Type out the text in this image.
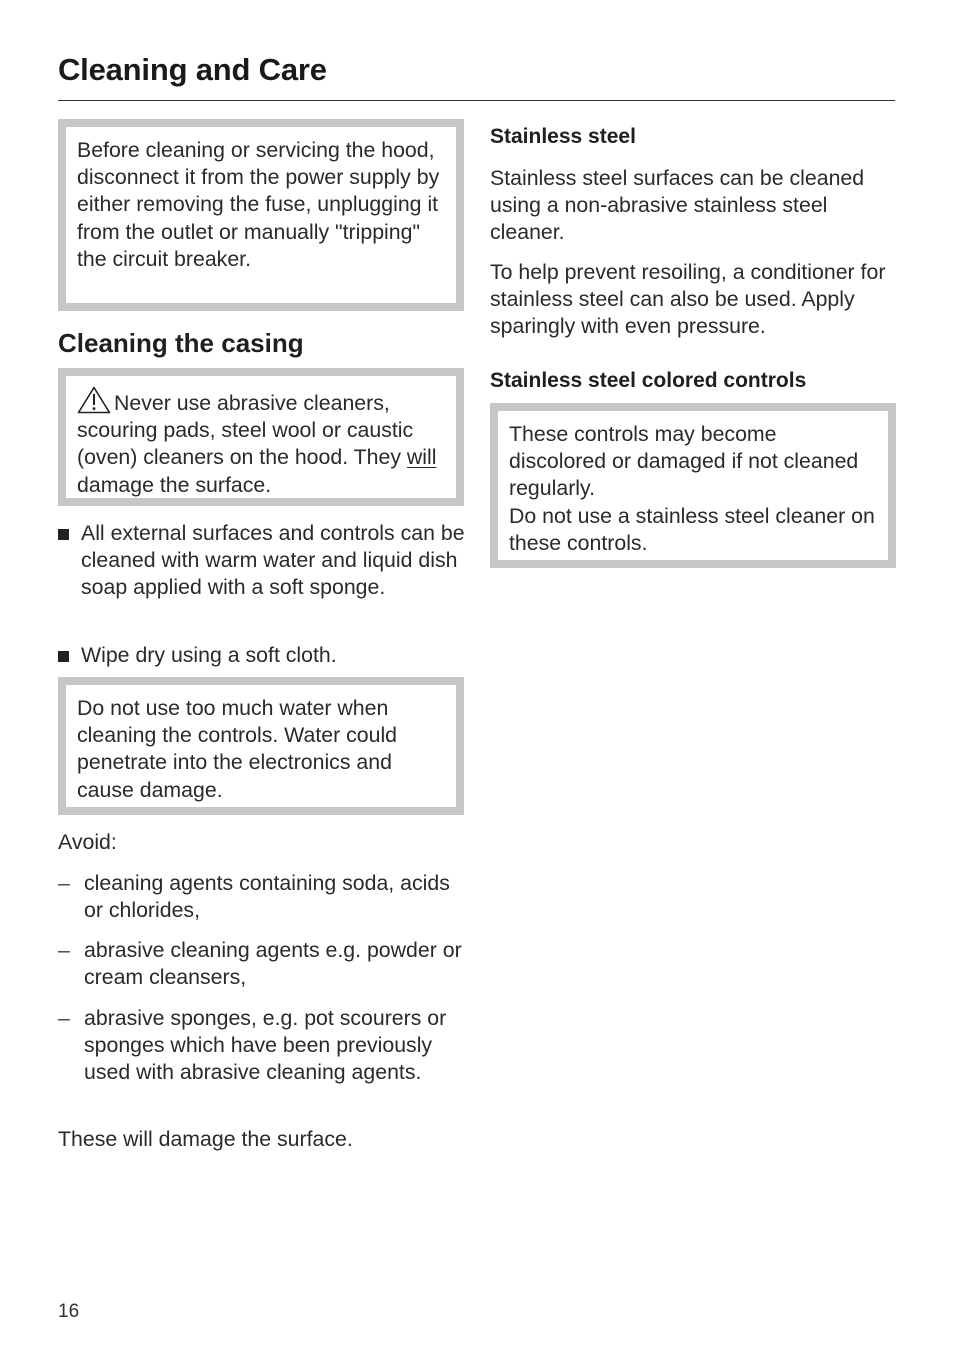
Cleaning and Care

Before cleaning or servicing the hood, disconnect it from the power supply by either removing the fuse, unplugging it from the outlet or manually "tripping" the circuit breaker.

Cleaning the casing

Never use abrasive cleaners, scouring pads, steel wool or caustic (oven) cleaners on the hood. They will damage the surface.

All external surfaces and controls can be cleaned with warm water and liquid dish soap applied with a soft sponge.
Wipe dry using a soft cloth.

Do not use too much water when cleaning the controls. Water could penetrate into the electronics and cause damage.

Avoid:

– cleaning agents containing soda, acids or chlorides,
– abrasive cleaning agents e.g. powder or cream cleansers,
– abrasive sponges, e.g. pot scourers or sponges which have been previously used with abrasive cleaning agents.

These will damage the surface.

Stainless steel

Stainless steel surfaces can be cleaned using a non-abrasive stainless steel cleaner.

To help prevent resoiling, a conditioner for stainless steel can also be used. Apply sparingly with even pressure.

Stainless steel colored controls

These controls may become discolored or damaged if not cleaned regularly.

Do not use a stainless steel cleaner on these controls.

16
